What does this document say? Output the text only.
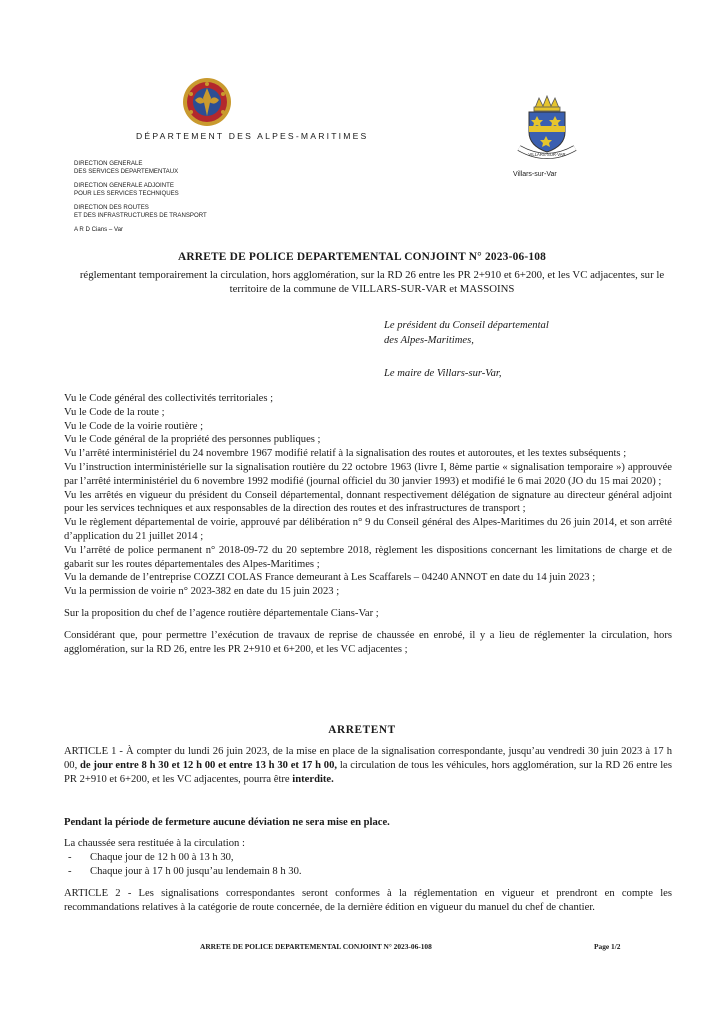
DÉPARTEMENT DES ALPES-MARITIMES
DIRECTION GENERALE
DES SERVICES DEPARTEMENTAUX
DIRECTION GENERALE ADJOINTE
POUR LES SERVICES TECHNIQUES
DIRECTION DES ROUTES
ET DES INFRASTRUCTURES DE TRANSPORT
A R D Cians – Var
VILLARS·SUR·VAR
Villars-sur-Var
ARRETE DE POLICE DEPARTEMENTAL CONJOINT N° 2023-06-108
réglementant temporairement la circulation, hors agglomération, sur la RD 26 entre les PR 2+910 et 6+200, et les VC adjacentes, sur le territoire de la commune de VILLARS-SUR-VAR et MASSOINS
Le président du Conseil départemental
des Alpes-Maritimes,
Le maire de Villars-sur-Var,

Vu le Code général des collectivités territoriales ;

Vu le Code de la route ;

Vu le Code de la voirie routière ;

Vu le Code général de la propriété des personnes publiques ;

Vu l’arrêté interministériel du 24 novembre 1967 modifié relatif à la signalisation des routes et autoroutes, et les textes subséquents ;

Vu l’instruction interministérielle sur la signalisation routière du 22 octobre 1963 (livre I, 8ème partie « signalisation temporaire ») approuvée par l’arrêté interministériel du 6 novembre 1992 modifié (journal officiel du 30 janvier 1993) et modifié le 6 mai 2020 (JO du 15 mai 2020) ;

Vu les arrêtés en vigueur du président du Conseil départemental, donnant respectivement délégation de signature au directeur général adjoint pour les services techniques et aux responsables de la direction des routes et des infrastructures de transport ;

Vu le règlement départemental de voirie, approuvé par délibération n° 9 du Conseil général des Alpes-Maritimes du 26 juin 2014, et son arrêté d’application du 21 juillet 2014 ;

Vu l’arrêté de police permanent n° 2018-09-72 du 20 septembre 2018, règlement les dispositions concernant les limitations de charge et de gabarit sur les routes départementales des Alpes-Maritimes ;

Vu la demande de l’entreprise COZZI COLAS France demeurant à Les Scaffarels – 04240 ANNOT en date du 14 juin 2023 ;

Vu la permission de voirie n° 2023-382 en date du 15 juin 2023 ;

Sur la proposition du chef de l’agence routière départementale Cians-Var ;

Considérant que, pour permettre l’exécution de travaux de reprise de chaussée en enrobé, il y a lieu de réglementer la circulation, hors agglomération, sur la RD 26, entre les PR 2+910 et 6+200, et les VC adjacentes ;

ARRETENT
ARTICLE 1 - À compter du lundi 26 juin 2023, de la mise en place de la signalisation correspondante, jusqu’au vendredi 30 juin 2023 à 17 h 00, de jour entre 8 h 30 et 12 h 00 et entre 13 h 30 et 17 h 00, la circulation de tous les véhicules, hors agglomération, sur la RD 26 entre les PR 2+910 et 6+200, et les VC adjacentes, pourra être interdite.
Pendant la période de fermeture aucune déviation ne sera mise en place.
La chaussée sera restituée à la circulation :
- Chaque jour de 12 h 00 à 13 h 30,
- Chaque jour à 17 h 00 jusqu’au lendemain 8 h 30.
ARTICLE 2 - Les signalisations correspondantes seront conformes à la réglementation en vigueur et prendront en compte les recommandations relatives à la catégorie de route concernée, de la dernière édition en vigueur du manuel du chef de chantier.
ARRETE DE POLICE DEPARTEMENTAL CONJOINT N° 2023-06-108	Page 1/2
